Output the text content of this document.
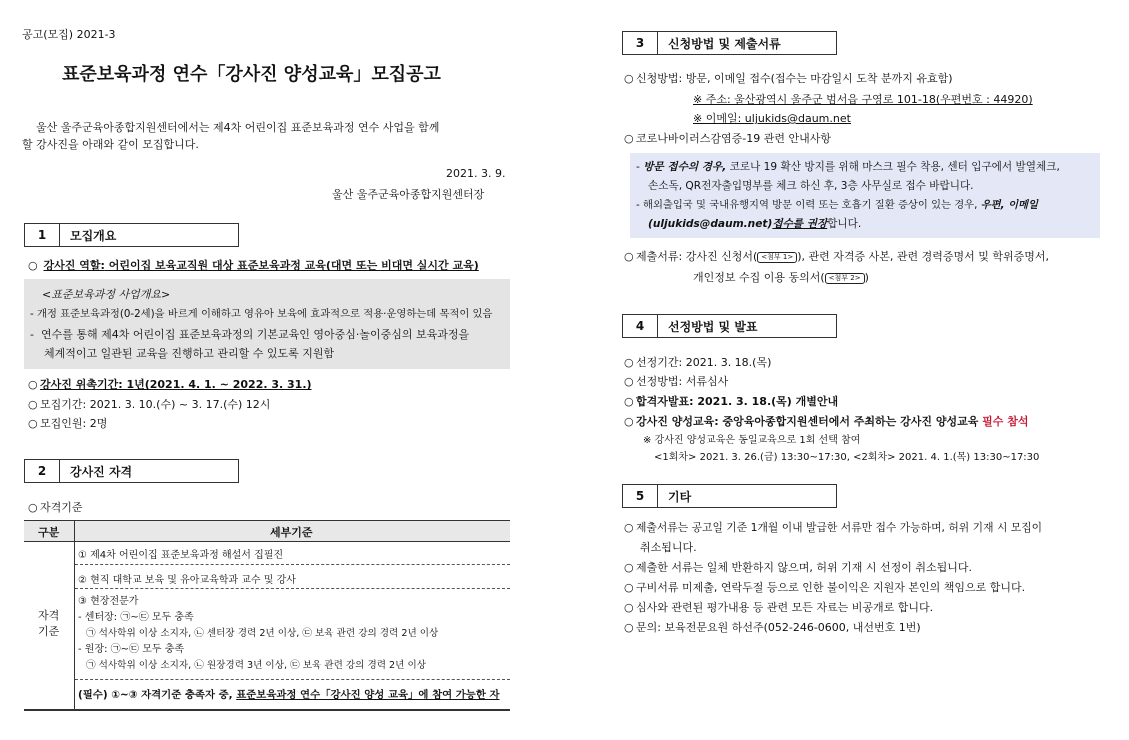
공고(모집) 2021-3
표준보육과정 연수「강사진 양성교육」모집공고
울산 울주군육아종합지원센터에서는 제4차 어린이집 표준보육과정 연수 사업을 함께
할 강사진을 아래와 같이 모집합니다.
2021. 3. 9.
울산 울주군육아종합지원센터장
1	모집개요
○ 강사진 역할: 어린이집 보육교직원 대상 표준보육과정 교육(대면 또는 비대면 실시간 교육)
<표준보육과정 사업개요>
- 개정 표준보육과정(0-2세)을 바르게 이해하고 영유아 보육에 효과적으로 적용·운영하는데 목적이 있음
-  연수를 통해 제4차 어린이집 표준보육과정의 기본교육인 영아중심·놀이중심의 보육과정을
체계적이고 일관된 교육을 진행하고 관리할 수 있도록 지원함
○ 강사진 위촉기간: 1년(2021. 4. 1. ~ 2022. 3. 31.)
○ 모집기간: 2021. 3. 10.(수) ~ 3. 17.(수) 12시
○ 모집인원: 2명
2	강사진 자격
○ 자격기준
구분	세부기준
자격
기준
① 제4차 어린이집 표준보육과정 해설서 집필진
② 현직 대학교 보육 및 유아교육학과 교수 및 강사
③ 현장전문가
- 센터장: ㉠~㉢ 모두 충족
㉠ 석사학위 이상 소지자, ㉡ 센터장 경력 2년 이상, ㉢ 보육 관련 강의 경력 2년 이상
- 원장: ㉠~㉢ 모두 충족
㉠ 석사학위 이상 소지자, ㉡ 원장경력 3년 이상, ㉢ 보육 관련 강의 경력 2년 이상
(필수) ①~③ 자격기준 충족자 중, 표준보육과정 연수「강사진 양성 교육」에 참여 가능한 자
3	신청방법 및 제출서류
○ 신청방법: 방문, 이메일 접수(접수는 마감일시 도착 분까지 유효함)
※ 주소: 울산광역시 울주군 범서읍 구영로 101-18(우편번호 : 44920)
※ 이메일: uljukids@daum.net
○ 코로나바이러스감염증-19 관련 안내사항
- 방문 접수의 경우, 코로나 19 확산 방지를 위해 마스크 필수 착용, 센터 입구에서 발열체크,
손소독, QR전자출입명부를 체크 하신 후, 3층 사무실로 접수 바랍니다.
- 해외출입국 및 국내유행지역 방문 이력 또는 호흡기 질환 증상이 있는 경우, 우편, 이메일
(uljukids@daum.net)접수를 권장합니다.
○ 제출서류: 강사진 신청서( <첨부 1> ), 관련 자격증 사본, 관련 경력증명서 및 학위증명서,
개인정보 수집 이용 동의서( <첨부 2> )
4	선정방법 및 발표
○ 선정기간: 2021. 3. 18.(목)
○ 선정방법: 서류심사
○ 합격자발표: 2021. 3. 18.(목) 개별안내
○ 강사진 양성교육: 중앙육아종합지원센터에서 주최하는 강사진 양성교육 필수 참석
※ 강사진 양성교육은 동일교육으로 1회 선택 참여
<1회차> 2021. 3. 26.(금) 13:30~17:30, <2회차> 2021. 4. 1.(목) 13:30~17:30
5	기타
○ 제출서류는 공고일 기준 1개월 이내 발급한 서류만 접수 가능하며, 허위 기재 시 모집이
취소됩니다.
○ 제출한 서류는 일체 반환하지 않으며, 허위 기재 시 선정이 취소됩니다.
○ 구비서류 미제출, 연락두절 등으로 인한 불이익은 지원자 본인의 책임으로 합니다.
○ 심사와 관련된 평가내용 등 관련 모든 자료는 비공개로 합니다.
○ 문의: 보육전문요원 하선주(052-246-0600, 내선번호 1번)
